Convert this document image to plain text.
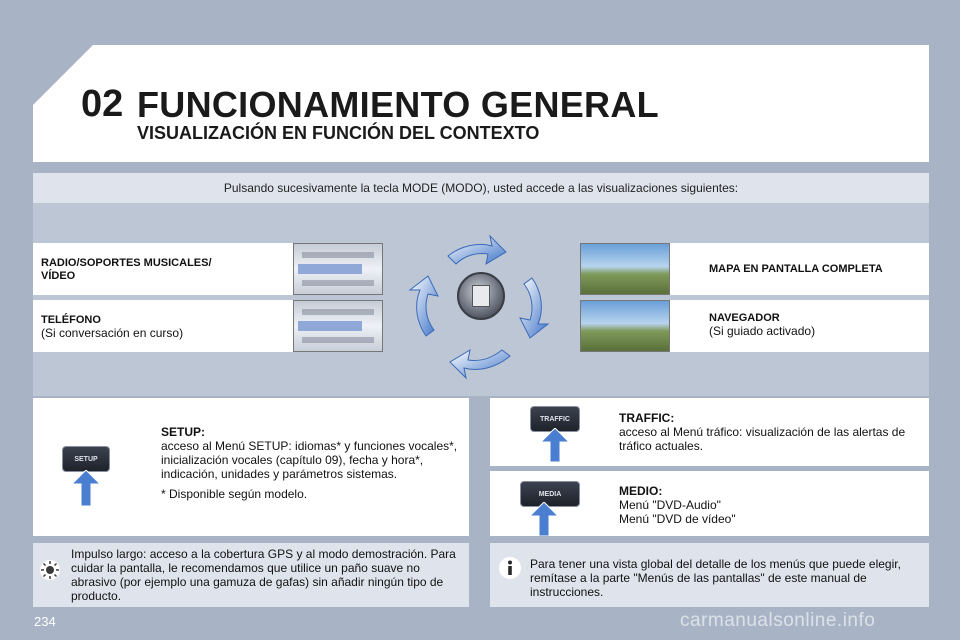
02 FUNCIONAMIENTO GENERAL
VISUALIZACIÓN EN FUNCIÓN DEL CONTEXTO
Pulsando sucesivamente la tecla MODE (MODO), usted accede a las visualizaciones siguientes:
RADIO/SOPORTES MUSICALES/
VÍDEO
TELÉFONO
(Si conversación en curso)
MAPA EN PANTALLA COMPLETA
NAVEGADOR
(Si guiado activado)
SETUP
SETUP:
acceso al Menú SETUP: idiomas* y funciones vocales*, inicialización vocales (capítulo 09), fecha y hora*, indicación, unidades y parámetros sistemas.
* Disponible según modelo.
TRAFFIC	TRAFFIC:
acceso al Menú tráfico: visualización de las alertas de tráfico actuales.
MEDIA	MEDIO:
Menú "DVD-Audio"
Menú "DVD de vídeo"
Impulso largo: acceso a la cobertura GPS y al modo demostración. Para cuidar la pantalla, le recomendamos que utilice un paño suave no abrasivo (por ejemplo una gamuza de gafas) sin añadir ningún tipo de producto.
Para tener una vista global del detalle de los menús que puede elegir, remítase a la parte "Menús de las pantallas" de este manual de instrucciones.
234	carmanualsonline.info
